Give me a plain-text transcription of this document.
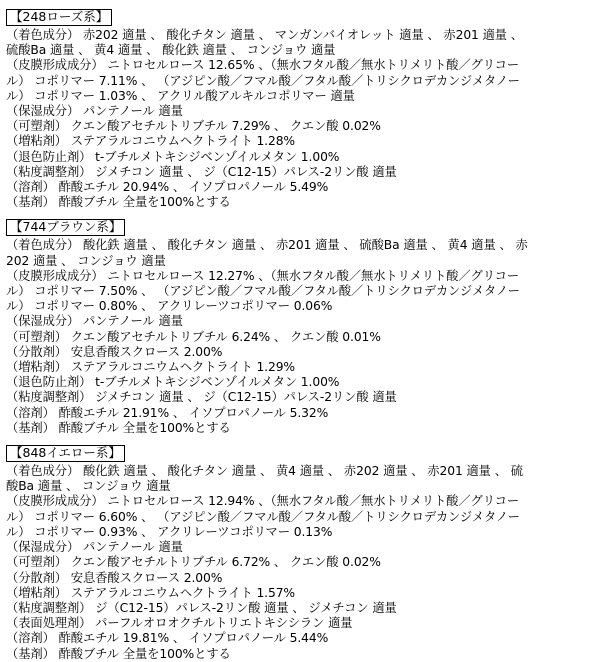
【248ローズ系】
（着色成分） 赤202 適量 、 酸化チタン 適量 、 マンガンバイオレット 適量 、 赤201 適量 、
硫酸Ba 適量 、 黄4 適量 、 酸化鉄 適量 、 コンジョウ 適量
（皮膜形成成分） ニトロセルロース 12.65% 、（無水フタル酸／無水トリメリト酸／グリコー
ル） コポリマー 7.11% 、 （アジピン酸／フマル酸／フタル酸／トリシクロデカンジメタノー
ル） コポリマー 1.03% 、 アクリル酸アルキルコポリマー 適量
（保湿成分） パンテノール 適量
（可塑剤） クエン酸アセチルトリブチル 7.29% 、 クエン酸 0.02%
（増粘剤） ステアラルコニウムヘクトライト 1.28%
（退色防止剤） t-ブチルメトキシジベンゾイルメタン 1.00%
（粘度調整剤） ジメチコン 適量 、 ジ（C12-15）パレス-2リン酸 適量
（溶剤） 酢酸エチル 20.94% 、 イソプロパノール 5.49%
（基剤） 酢酸ブチル 全量を100%とする
【744ブラウン系】
（着色成分） 酸化鉄 適量 、 酸化チタン 適量 、 赤201 適量 、 硫酸Ba 適量 、 黄4 適量 、 赤
202 適量 、 コンジョウ 適量
（皮膜形成成分） ニトロセルロース 12.27% 、（無水フタル酸／無水トリメリト酸／グリコー
ル） コポリマー 7.50% 、 （アジピン酸／フマル酸／フタル酸／トリシクロデカンジメタノー
ル） コポリマー 0.80% 、 アクリレーツコポリマー 0.06%
（保湿成分） パンテノール 適量
（可塑剤） クエン酸アセチルトリブチル 6.24% 、 クエン酸 0.01%
（分散剤） 安息香酸スクロース 2.00%
（増粘剤） ステアラルコニウムヘクトライト 1.29%
（退色防止剤） t-ブチルメトキシジベンゾイルメタン 1.00%
（粘度調整剤） ジメチコン 適量 、 ジ（C12-15）パレス-2リン酸 適量
（溶剤） 酢酸エチル 21.91% 、 イソプロパノール 5.32%
（基剤） 酢酸ブチル 全量を100%とする
【848イエロー系】
（着色成分） 酸化鉄 適量 、 酸化チタン 適量 、 黄4 適量 、 赤202 適量 、 赤201 適量 、 硫
酸Ba 適量 、 コンジョウ 適量
（皮膜形成成分） ニトロセルロース 12.94% 、（無水フタル酸／無水トリメリト酸／グリコー
ル） コポリマー 6.60% 、 （アジピン酸／フマル酸／フタル酸／トリシクロデカンジメタノー
ル） コポリマー 0.93% 、 アクリレーツコポリマー 0.13%
（保湿成分） パンテノール 適量
（可塑剤） クエン酸アセチルトリブチル 6.72% 、 クエン酸 0.02%
（分散剤） 安息香酸スクロース 2.00%
（増粘剤） ステアラルコニウムヘクトライト 1.57%
（粘度調整剤） ジ（C12-15）パレス-2リン酸 適量 、 ジメチコン 適量
（表面処理剤） パーフルオロオクチルトリエトキシシラン 適量
（溶剤） 酢酸エチル 19.81% 、 イソプロパノール 5.44%
（基剤） 酢酸ブチル 全量を100%とする
